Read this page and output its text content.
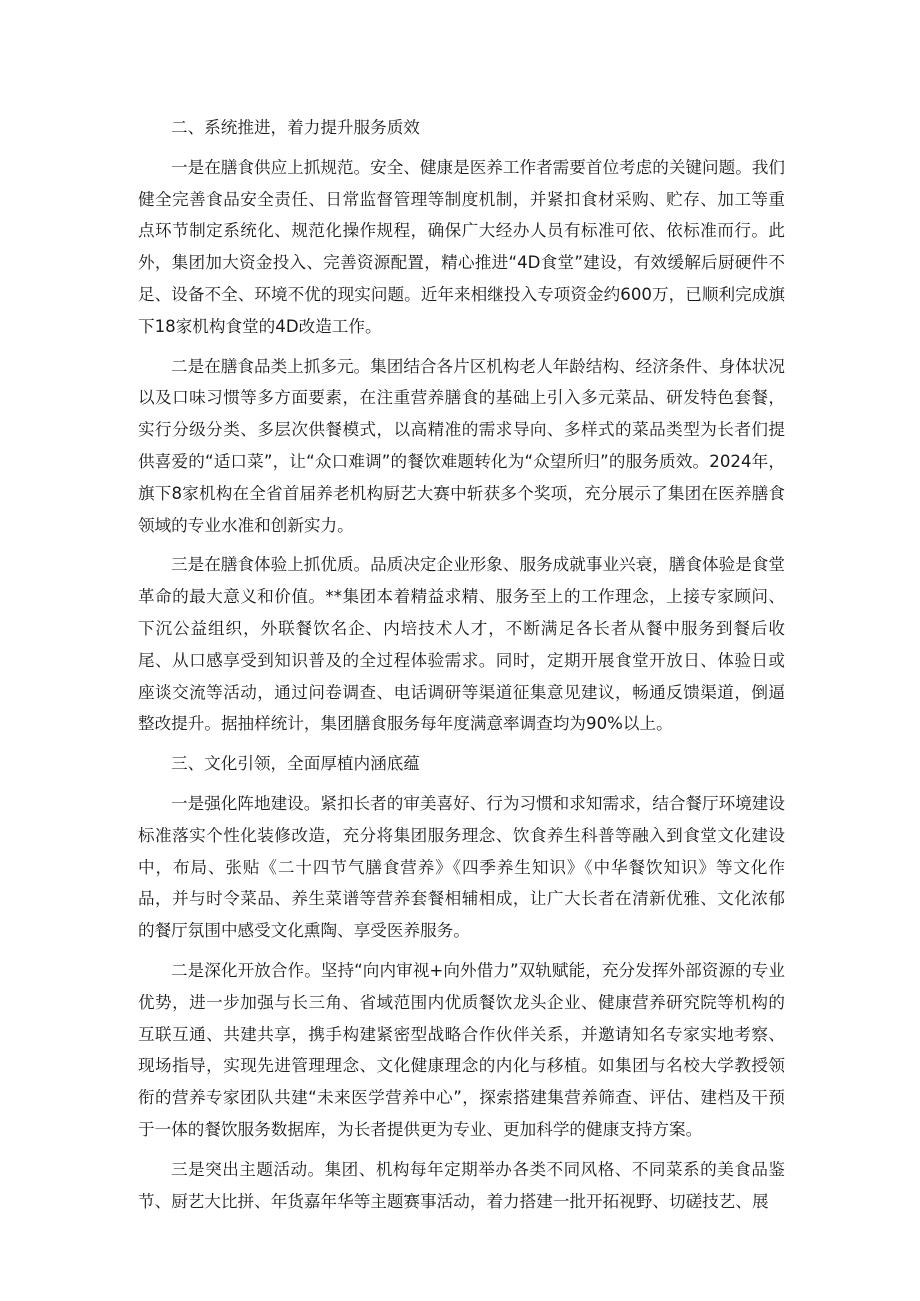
二、系统推进，着力提升服务质效

一是在膳食供应上抓规范。安全、健康是医养工作者需要首位考虑的关键问题。我们健全完善食品安全责任、日常监督管理等制度机制，并紧扣食材采购、贮存、加工等重点环节制定系统化、规范化操作规程，确保广大经办人员有标准可依、依标准而行。此外，集团加大资金投入、完善资源配置，精心推进“4D食堂”建设，有效缓解后厨硬件不足、设备不全、环境不优的现实问题。近年来相继投入专项资金约600万，已顺利完成旗下18家机构食堂的4D改造工作。

二是在膳食品类上抓多元。集团结合各片区机构老人年龄结构、经济条件、身体状况以及口味习惯等多方面要素，在注重营养膳食的基础上引入多元菜品、研发特色套餐，实行分级分类、多层次供餐模式，以高精准的需求导向、多样式的菜品类型为长者们提供喜爱的“适口菜”，让“众口难调”的餐饮难题转化为“众望所归”的服务质效。2024年，旗下8家机构在全省首届养老机构厨艺大赛中斩获多个奖项，充分展示了集团在医养膳食领域的专业水准和创新实力。

三是在膳食体验上抓优质。品质决定企业形象、服务成就事业兴衰，膳食体验是食堂革命的最大意义和价值。**集团本着精益求精、服务至上的工作理念，上接专家顾问、下沉公益组织，外联餐饮名企、内培技术人才，不断满足各长者从餐中服务到餐后收尾、从口感享受到知识普及的全过程体验需求。同时，定期开展食堂开放日、体验日或座谈交流等活动，通过问卷调查、电话调研等渠道征集意见建议，畅通反馈渠道，倒逼整改提升。据抽样统计，集团膳食服务每年度满意率调查均为90%以上。

三、文化引领，全面厚植内涵底蕴

一是强化阵地建设。紧扣长者的审美喜好、行为习惯和求知需求，结合餐厅环境建设标准落实个性化装修改造，充分将集团服务理念、饮食养生科普等融入到食堂文化建设中，布局、张贴《二十四节气膳食营养》《四季养生知识》《中华餐饮知识》等文化作品，并与时令菜品、养生菜谱等营养套餐相辅相成，让广大长者在清新优雅、文化浓郁的餐厅氛围中感受文化熏陶、享受医养服务。

二是深化开放合作。坚持“向内审视+向外借力”双轨赋能，充分发挥外部资源的专业优势，进一步加强与长三角、省域范围内优质餐饮龙头企业、健康营养研究院等机构的互联互通、共建共享，携手构建紧密型战略合作伙伴关系，并邀请知名专家实地考察、现场指导，实现先进管理理念、文化健康理念的内化与移植。如集团与名校大学教授领衔的营养专家团队共建“未来医学营养中心”，探索搭建集营养筛查、评估、建档及干预于一体的餐饮服务数据库，为长者提供更为专业、更加科学的健康支持方案。

三是突出主题活动。集团、机构每年定期举办各类不同风格、不同菜系的美食品鉴节、厨艺大比拼、年货嘉年华等主题赛事活动，着力搭建一批开拓视野、切磋技艺、展
